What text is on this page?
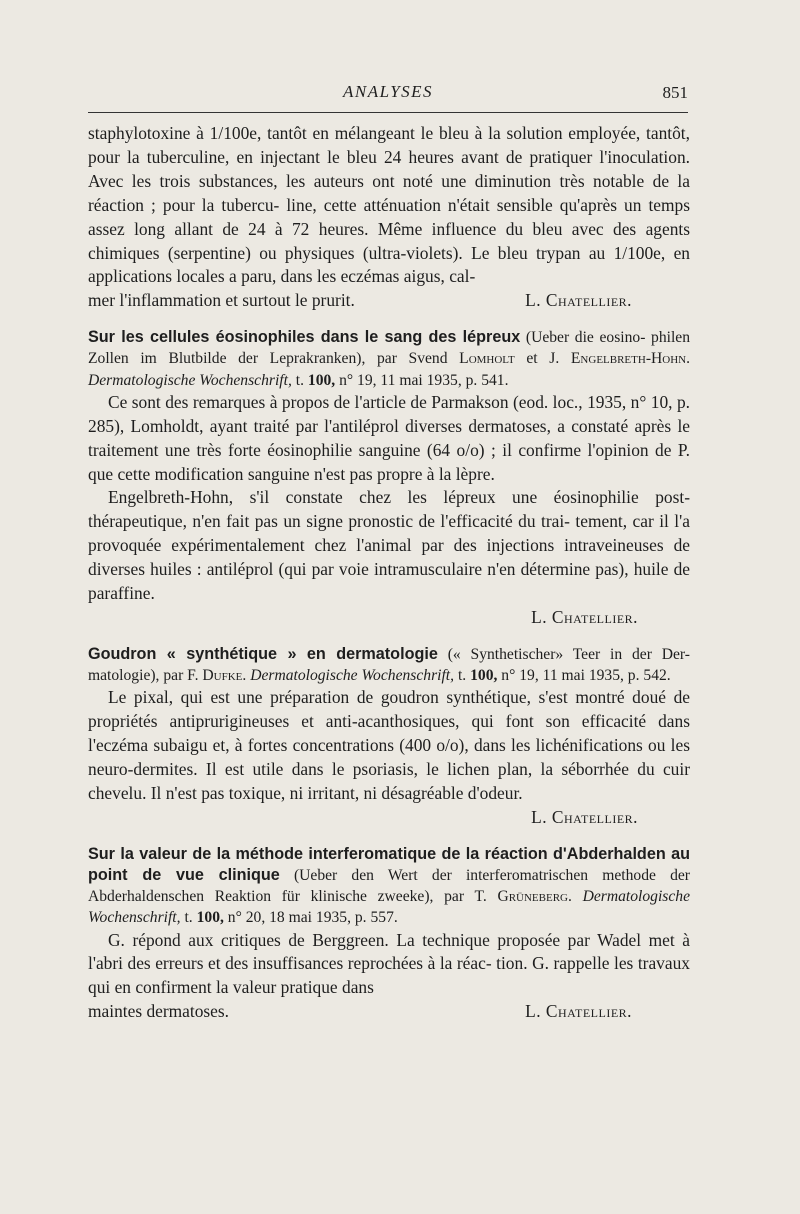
ANALYSES	851

staphylotoxine à 1/100e, tantôt en mélangeant le bleu à la solution employée, tantôt, pour la tuberculine, en injectant le bleu 24 heures avant de pratiquer l'inoculation. Avec les trois substances, les auteurs ont noté une diminution très notable de la réaction ; pour la tubercu- line, cette atténuation n'était sensible qu'après un temps assez long allant de 24 à 72 heures. Même influence du bleu avec des agents chimiques (serpentine) ou physiques (ultra-violets). Le bleu trypan au 1/100e, en applications locales a paru, dans les eczémas aigus, cal-

mer l'inflammation et surtout le prurit.	L. Chatellier.

Sur les cellules éosinophiles dans le sang des lépreux (Ueber die eosino- philen Zollen im Blutbilde der Leprakranken), par Svend Lomholt et J. Engelbreth-Hohn. Dermatologische Wochenschrift, t. 100, n° 19, 11 mai 1935, p. 541.

Ce sont des remarques à propos de l'article de Parmakson (eod. loc., 1935, n° 10, p. 285), Lomholdt, ayant traité par l'antiléprol diverses dermatoses, a constaté après le traitement une très forte éosinophilie sanguine (64 o/o) ; il confirme l'opinion de P. que cette modification sanguine n'est pas propre à la lèpre.

Engelbreth-Hohn, s'il constate chez les lépreux une éosinophilie post- thérapeutique, n'en fait pas un signe pronostic de l'efficacité du trai- tement, car il l'a provoquée expérimentalement chez l'animal par des injections intraveineuses de diverses huiles : antiléprol (qui par voie intramusculaire n'en détermine pas), huile de paraffine.

L. Chatellier.

Goudron « synthétique » en dermatologie (« Synthetischer» Teer in der Der- matologie), par F. Dufke. Dermatologische Wochenschrift, t. 100, n° 19, 11 mai 1935, p. 542.

Le pixal, qui est une préparation de goudron synthétique, s'est montré doué de propriétés antiprurigineuses et anti-acanthosiques, qui font son efficacité dans l'eczéma subaigu et, à fortes concentrations (400 o/o), dans les lichénifications ou les neuro-dermites. Il est utile dans le psoriasis, le lichen plan, la séborrhée du cuir chevelu. Il n'est pas toxique, ni irritant, ni désagréable d'odeur.

L. Chatellier.

Sur la valeur de la méthode interferomatique de la réaction d'Abderhalden au point de vue clinique (Ueber den Wert der interferomatrischen methode der Abderhaldenschen Reaktion für klinische zweeke), par T. Grüneberg. Dermatologische Wochenschrift, t. 100, n° 20, 18 mai 1935, p. 557.

G. répond aux critiques de Berggreen. La technique proposée par Wadel met à l'abri des erreurs et des insuffisances reprochées à la réac- tion. G. rappelle les travaux qui en confirment la valeur pratique dans

maintes dermatoses.	L. Chatellier.
